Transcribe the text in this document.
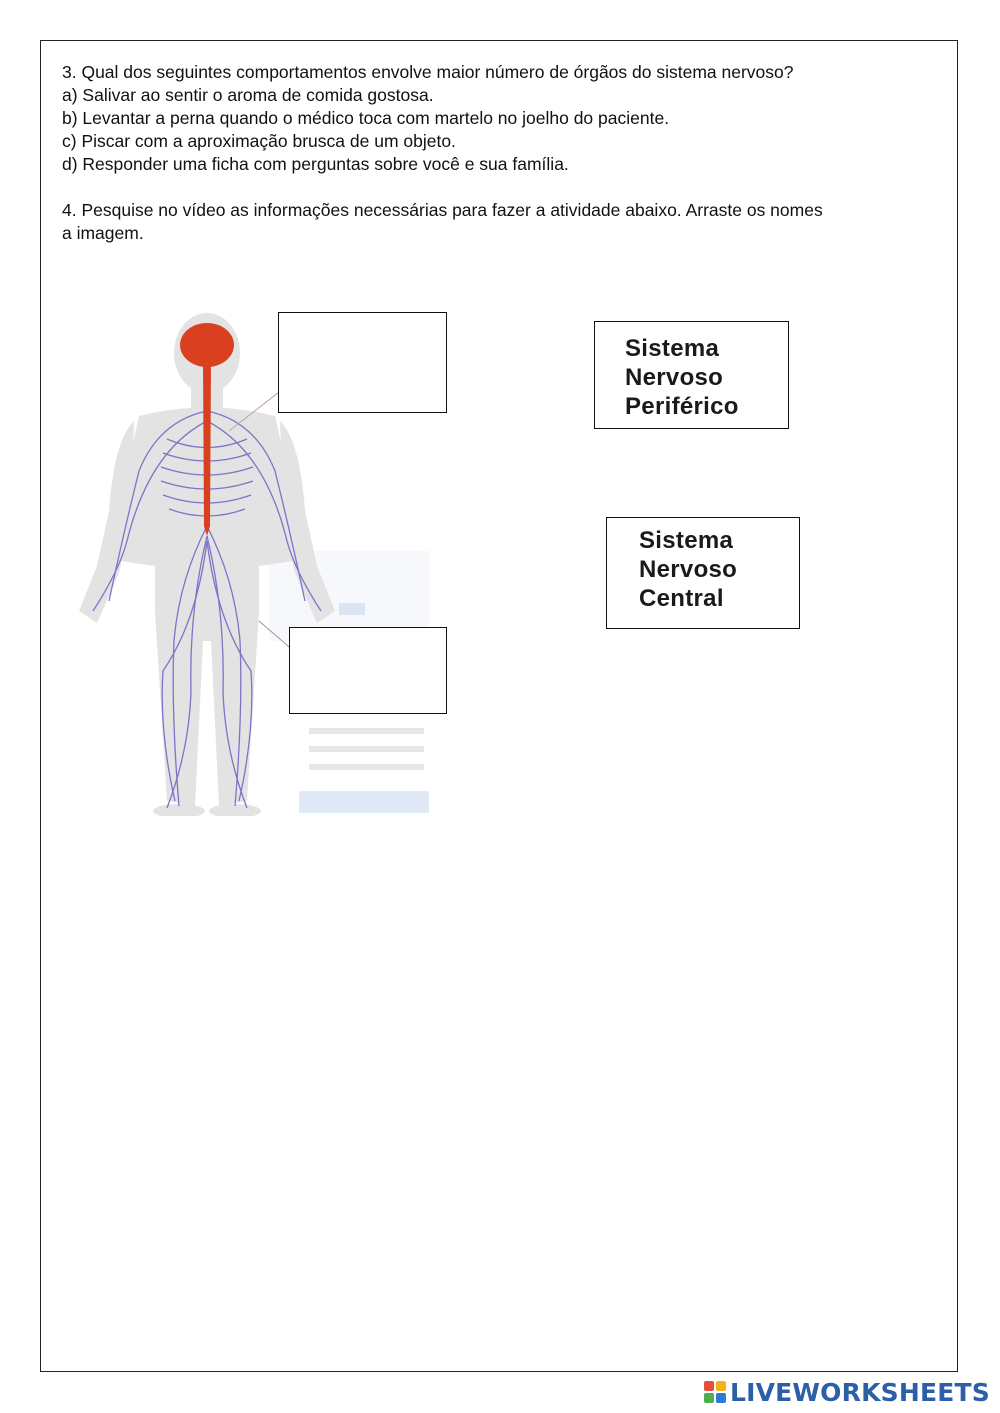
3. Qual dos seguintes comportamentos envolve maior número de órgãos do sistema nervoso?

a) Salivar ao sentir o aroma de comida gostosa.

b) Levantar a perna quando o médico toca com martelo no joelho do paciente.

c) Piscar com a aproximação brusca de um objeto.

d) Responder uma ficha com perguntas sobre você e sua família.

4. Pesquise no vídeo as informações necessárias para fazer a atividade abaixo. Arraste os nomes

a imagem.

Sistema
Nervoso
Periférico
Sistema
Nervoso
Central
LIVEWORKSHEETS
